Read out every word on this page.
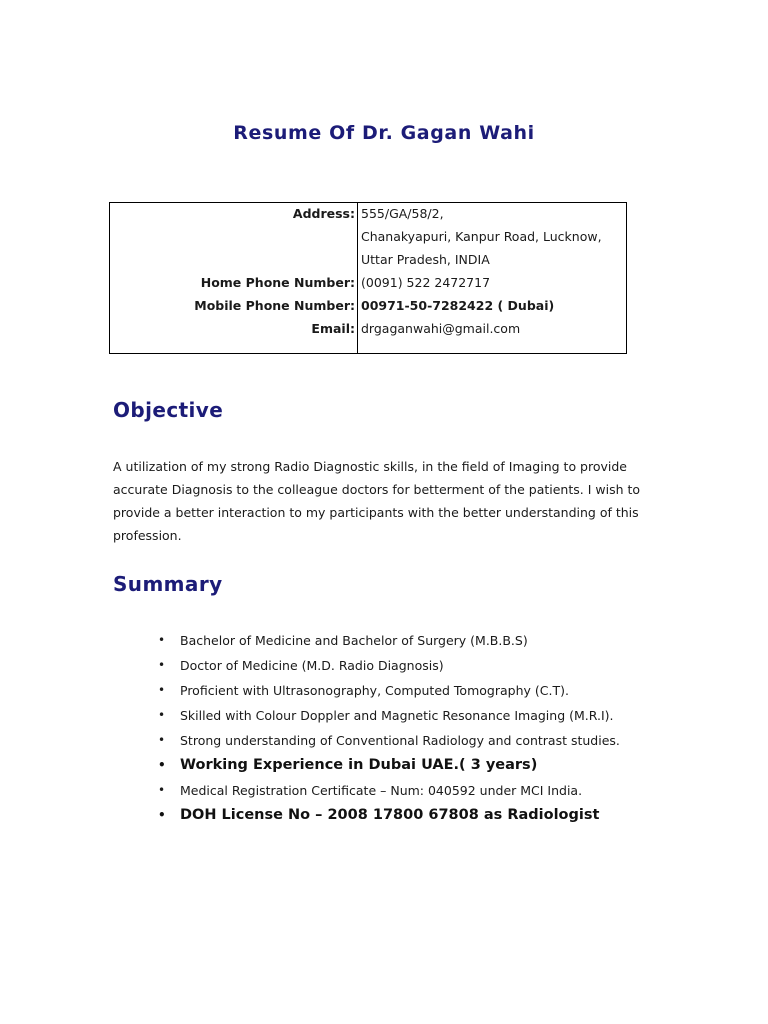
Resume Of Dr. Gagan Wahi
Address:
Home Phone Number:
Mobile Phone Number:
Email:
555/GA/58/2,
Chanakyapuri, Kanpur Road, Lucknow,
Uttar Pradesh, INDIA
(0091) 522 2472717
00971-50-7282422 ( Dubai)
drgaganwahi@gmail.com
Objective

A utilization of my strong Radio Diagnostic skills, in the field of Imaging to provide accurate Diagnosis to the colleague doctors for betterment of the patients. I wish to provide a better interaction to my participants with the better understanding of this profession.

Summary
• Bachelor of Medicine and Bachelor of Surgery (M.B.B.S)
• Doctor of Medicine (M.D. Radio Diagnosis)
• Proficient with Ultrasonography, Computed Tomography (C.T).
• Skilled with Colour Doppler and Magnetic Resonance Imaging (M.R.I).
• Strong understanding of Conventional Radiology and contrast studies.
• Working Experience in Dubai UAE.( 3 years)
• Medical Registration Certificate – Num: 040592 under MCI India.
• DOH License No – 2008 17800 67808 as Radiologist
